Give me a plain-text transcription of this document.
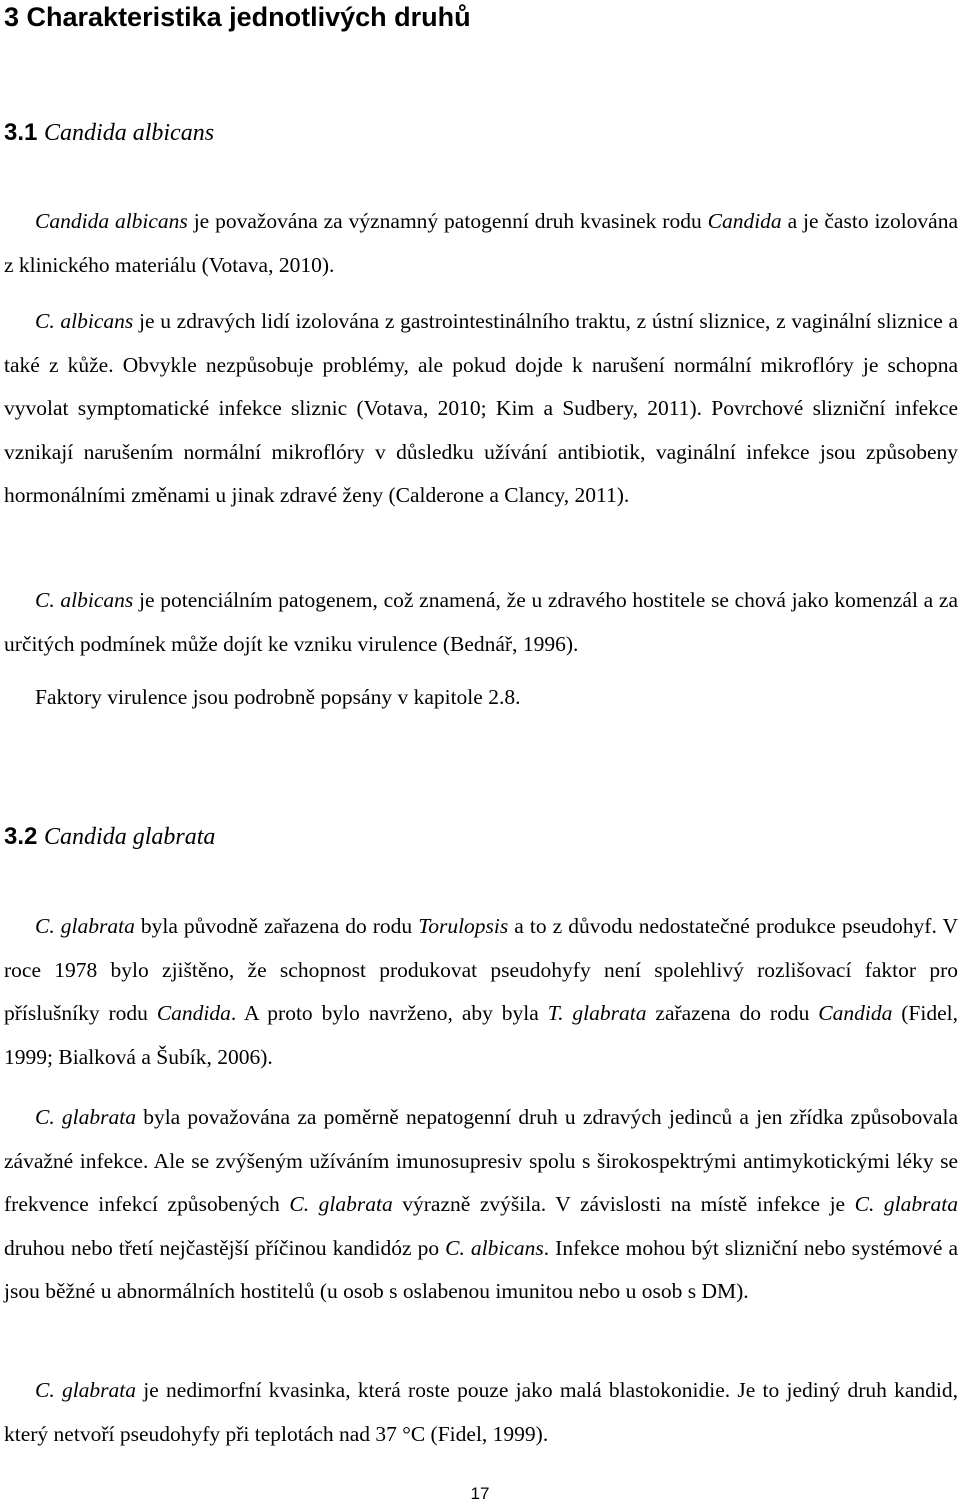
3 Charakteristika jednotlivých druhů
3.1 Candida albicans

Candida albicans je považována za významný patogenní druh kvasinek rodu Candida a je často izolována z klinického materiálu (Votava, 2010).

C. albicans je u zdravých lidí izolována z gastrointestinálního traktu, z ústní sliznice, z vaginální sliznice a také z kůže. Obvykle nezpůsobuje problémy, ale pokud dojde k narušení normální mikroflóry je schopna vyvolat symptomatické infekce sliznic (Votava, 2010; Kim a Sudbery, 2011). Povrchové slizniční infekce vznikají narušením normální mikroflóry v důsledku užívání antibiotik, vaginální infekce jsou způsobeny hormonálními změnami u jinak zdravé ženy (Calderone a Clancy, 2011).

C. albicans je potenciálním patogenem, což znamená, že u zdravého hostitele se chová jako komenzál a za určitých podmínek může dojít ke vzniku virulence (Bednář, 1996).

Faktory virulence jsou podrobně popsány v kapitole 2.8.

3.2 Candida glabrata

C. glabrata byla původně zařazena do rodu Torulopsis a to z důvodu nedostatečné produkce pseudohyf. V roce 1978 bylo zjištěno, že schopnost produkovat pseudohyfy není spolehlivý rozlišovací faktor pro příslušníky rodu Candida. A proto bylo navrženo, aby byla T. glabrata zařazena do rodu Candida (Fidel, 1999; Bialková a Šubík, 2006).

C. glabrata byla považována za poměrně nepatogenní druh u zdravých jedinců a jen zřídka způsobovala závažné infekce. Ale se zvýšeným užíváním imunosupresiv spolu s širokospektrými antimykotickými léky se frekvence infekcí způsobených C. glabrata výrazně zvýšila. V závislosti na místě infekce je C. glabrata druhou nebo třetí nejčastější příčinou kandidóz po C. albicans. Infekce mohou být slizniční nebo systémové a jsou běžné u abnormálních hostitelů (u osob s oslabenou imunitou nebo u osob s DM).

C. glabrata je nedimorfní kvasinka, která roste pouze jako malá blastokonidie. Je to jediný druh kandid, který netvoří pseudohyfy při teplotách nad 37 °C (Fidel, 1999).

17
